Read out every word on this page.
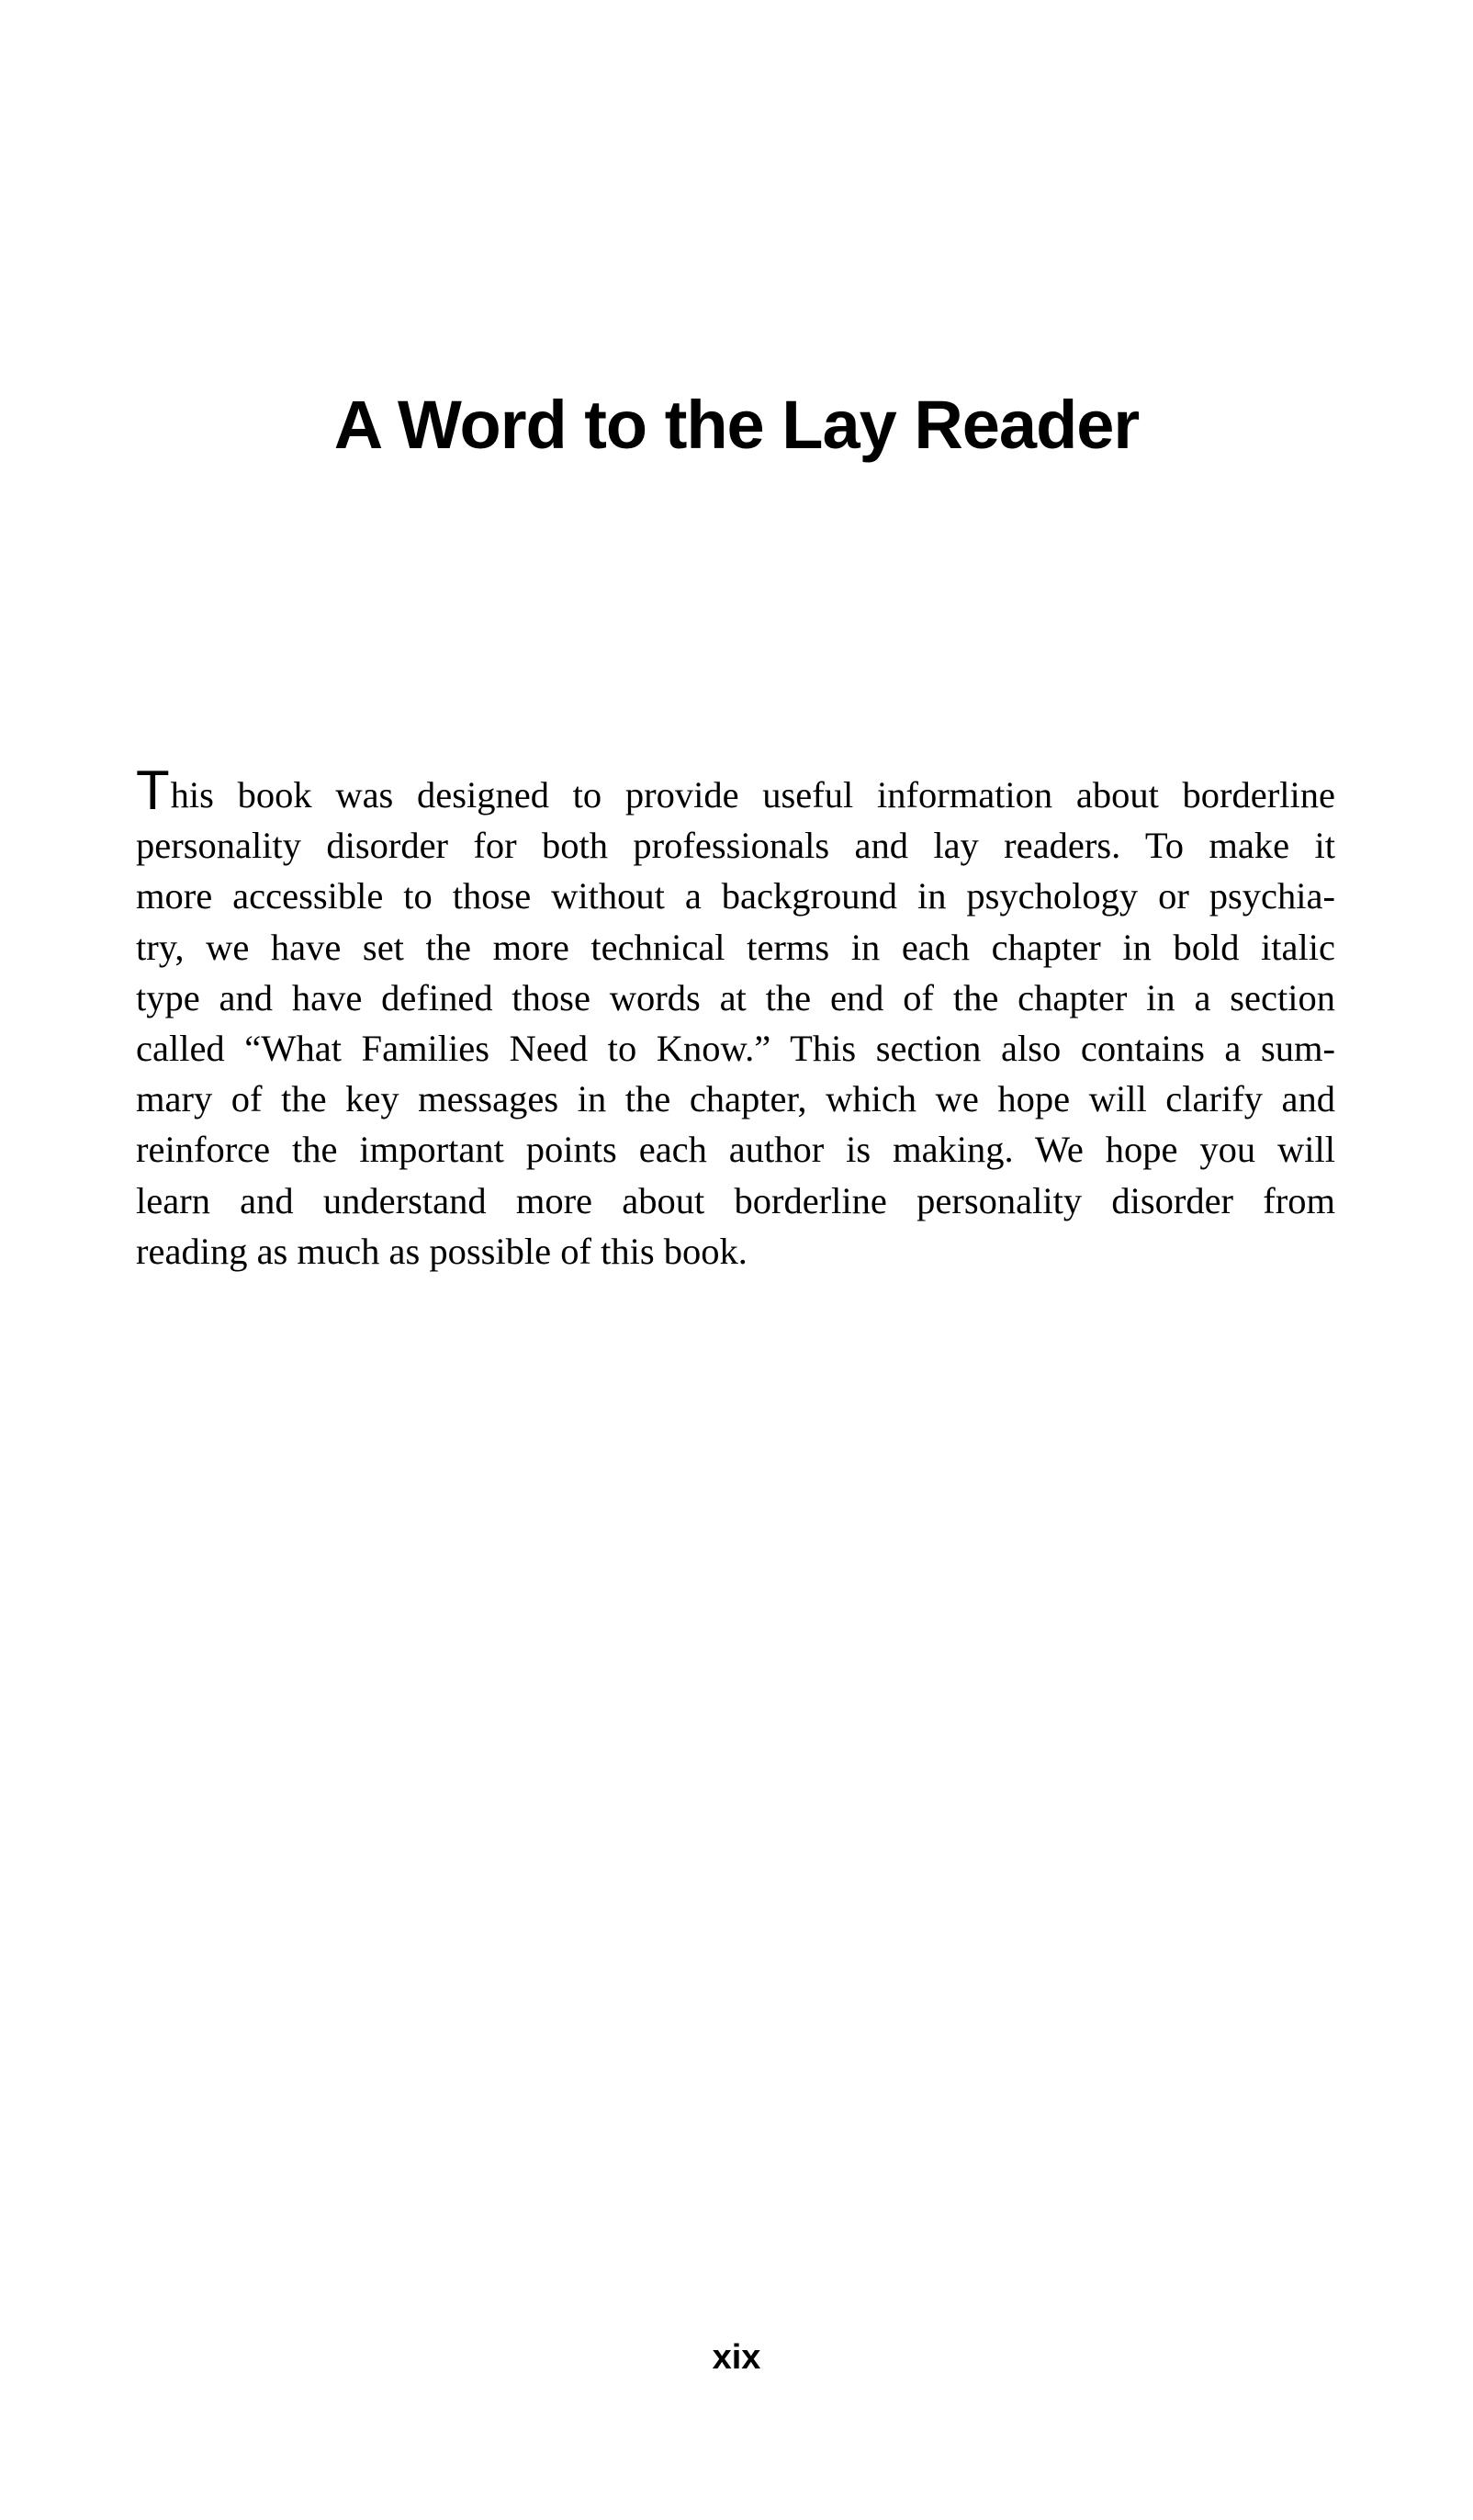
A Word to the Lay Reader
This book was designed to provide useful information about borderline
personality disorder for both professionals and lay readers. To make it
more accessible to those without a background in psychology or psychia-
try, we have set the more technical terms in each chapter in bold italic
type and have defined those words at the end of the chapter in a section
called “What Families Need to Know.” This section also contains a sum-
mary of the key messages in the chapter, which we hope will clarify and
reinforce the important points each author is making. We hope you will
learn and understand more about borderline personality disorder from
reading as much as possible of this book.
xix
